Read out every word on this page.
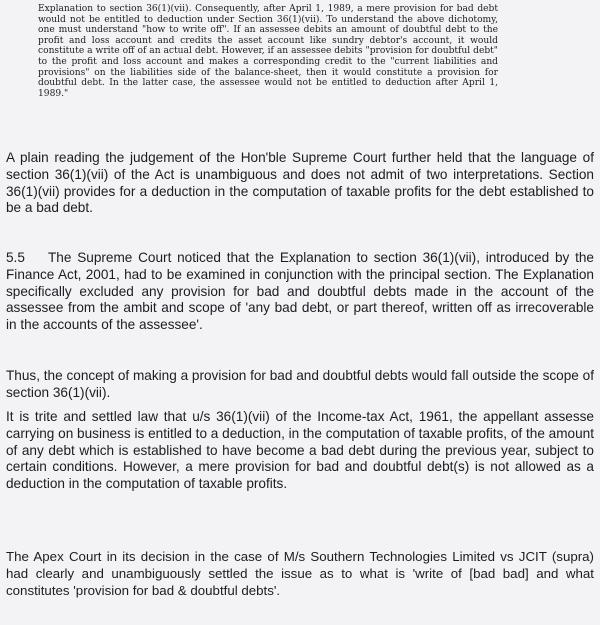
Explanation to section 36(1)(vii). Consequently, after April 1, 1989, a mere provision for bad debt would not be entitled to deduction under Section 36(1)(vii). To understand the above dichotomy, one must understand "how to write off". If an assessee debits an amount of doubtful debt to the profit and loss account and credits the asset account like sundry debtor's account, it would constitute a write off of an actual debt. However, if an assessee debits "provision for doubtful debt" to the profit and loss account and makes a corresponding credit to the "current liabilities and provisions" on the liabilities side of the balance-sheet, then it would constitute a provision for doubtful debt. In the latter case, the assessee would not be entitled to deduction after April 1, 1989."
A plain reading the judgement of the Hon'ble Supreme Court further held that the language of section 36(1)(vii) of the Act is unambiguous and does not admit of two interpretations. Section 36(1)(vii) provides for a deduction in the computation of taxable profits for the debt established to be a bad debt.
5.5 The Supreme Court noticed that the Explanation to section 36(1)(vii), introduced by the Finance Act, 2001, had to be examined in conjunction with the principal section. The Explanation specifically excluded any provision for bad and doubtful debts made in the account of the assessee from the ambit and scope of 'any bad debt, or part thereof, written off as irrecoverable in the accounts of the assessee'.
Thus, the concept of making a provision for bad and doubtful debts would fall outside the scope of section 36(1)(vii).
It is trite and settled law that u/s 36(1)(vii) of the Income-tax Act, 1961, the appellant assesse carrying on business is entitled to a deduction, in the computation of taxable profits, of the amount of any debt which is established to have become a bad debt during the previous year, subject to certain conditions. However, a mere provision for bad and doubtful debt(s) is not allowed as a deduction in the computation of taxable profits.
The Apex Court in its decision in the case of M/s Southern Technologies Limited vs JCIT (supra) had clearly and unambiguously settled the issue as to what is 'write of [bad bad] and what constitutes 'provision for bad & doubtful debts'.
